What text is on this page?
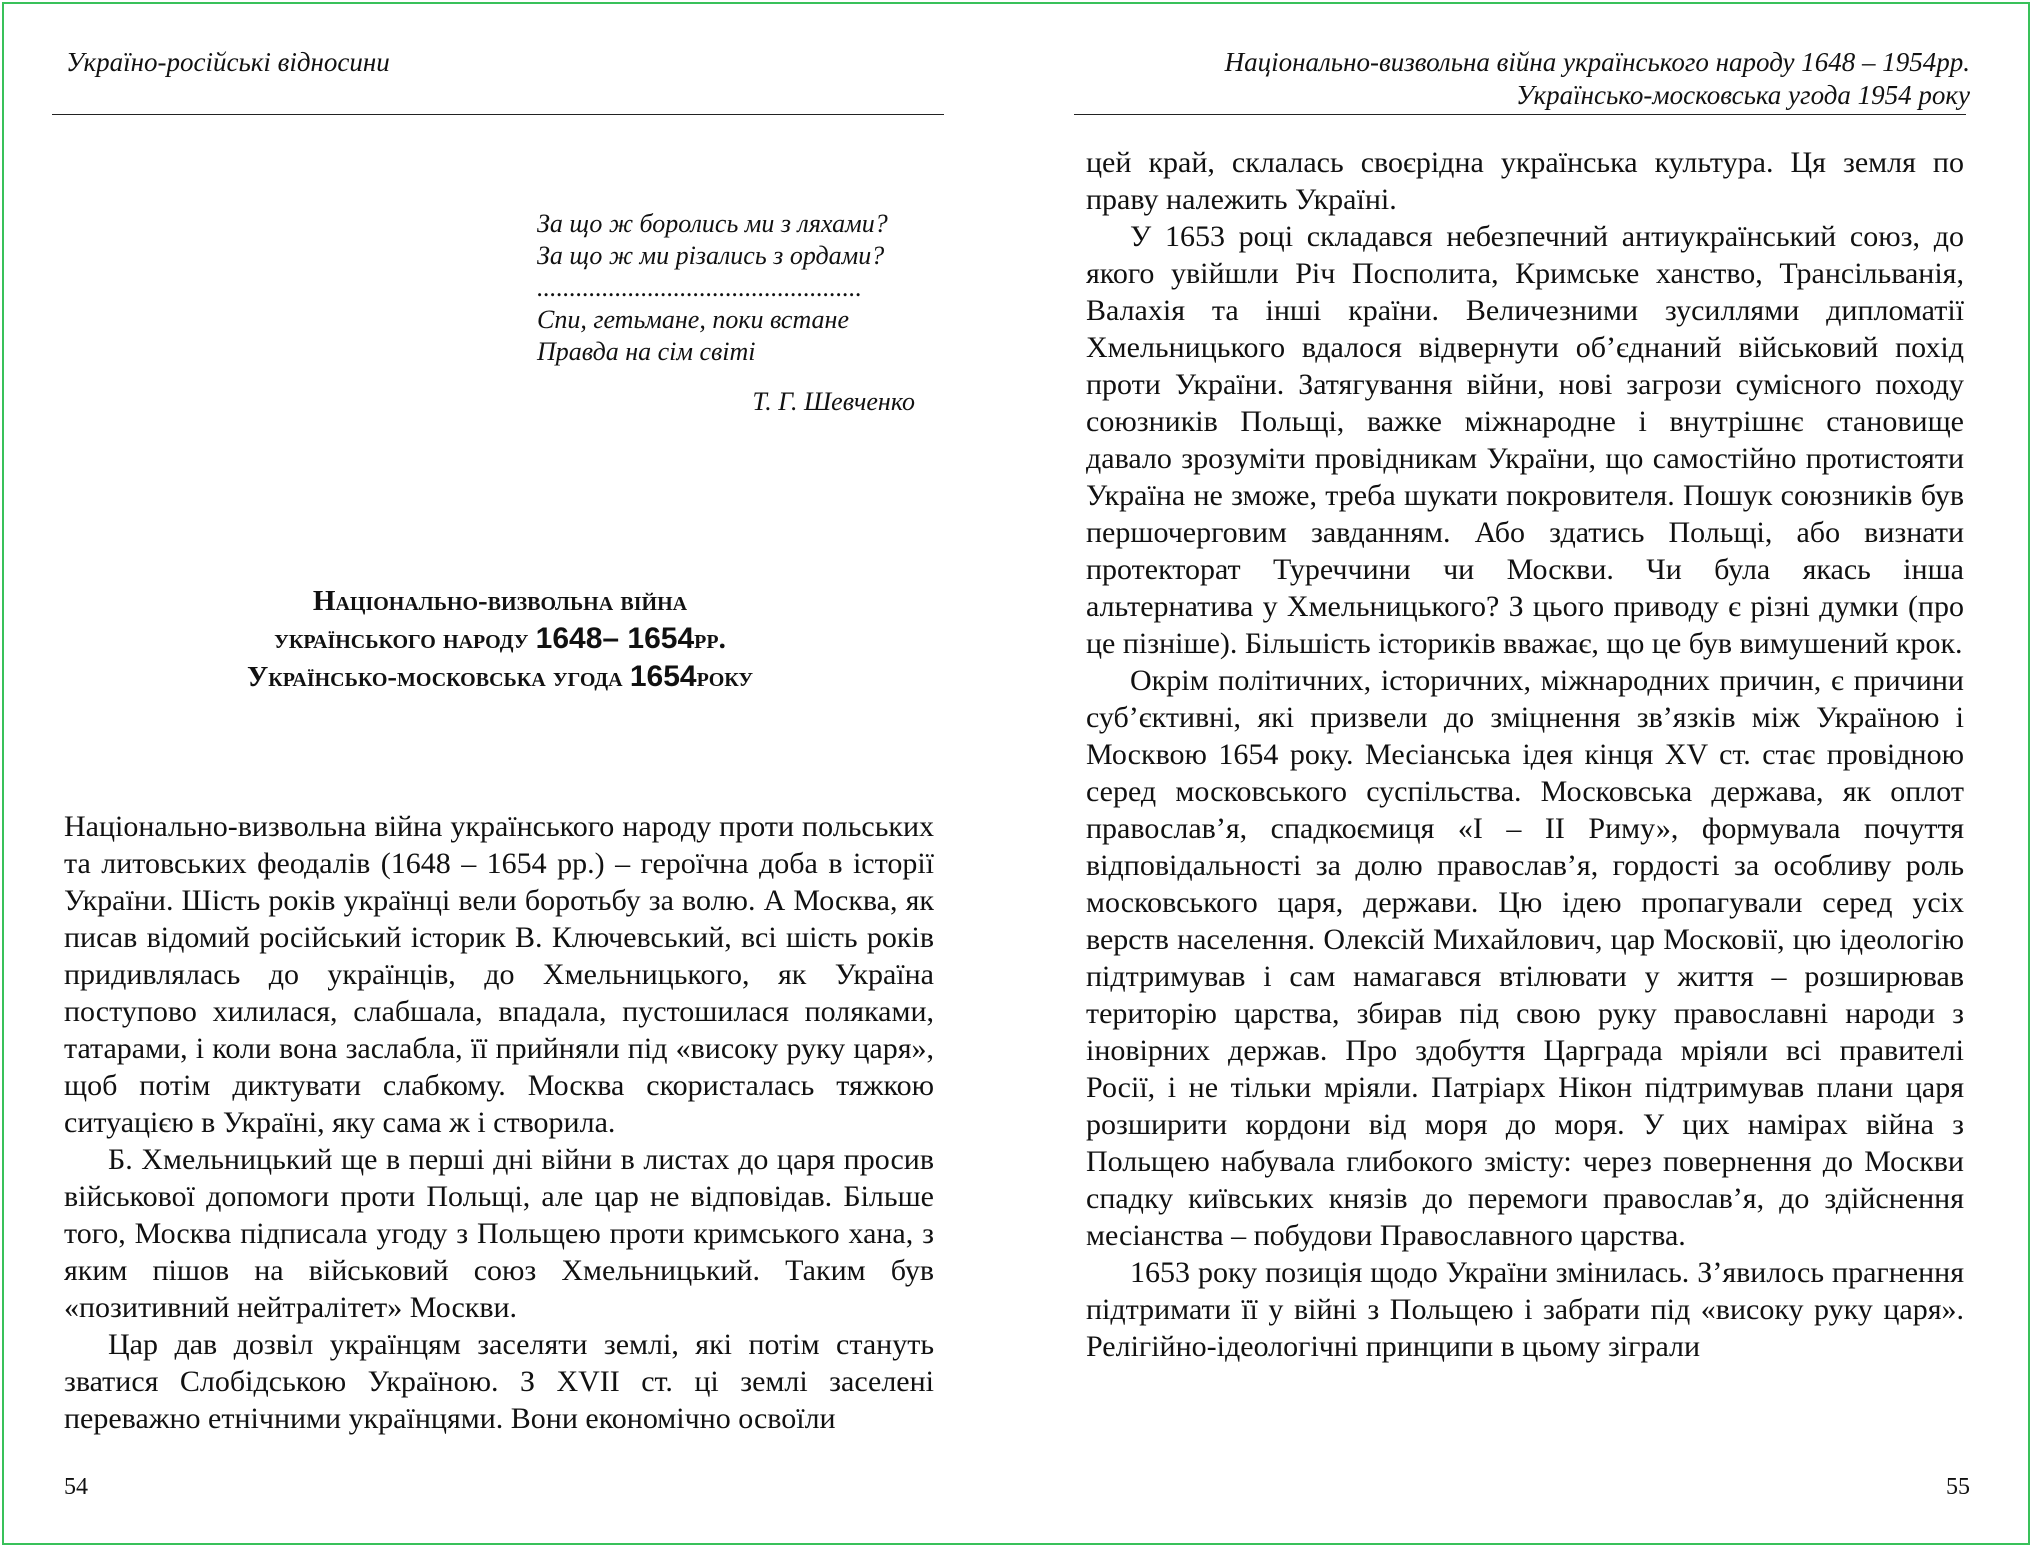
Україно-російські відносини
За що ж боролись ми з ляхами?
За що ж ми різались з ордами?
..................................................
Спи, гетьмане, поки встане
Правда на сім світі
Т. Г. Шевченко
Національно-визвольна війна
українського народу 1648– 1654рр.
Українсько-московська угода 1654року

Національно-визвольна війна українського народу проти польських та литовських феодалів (1648 – 1654 рр.) – героїчна доба в історії України. Шість років українці вели боротьбу за волю. А Москва, як писав відомий російський історик В. Ключевський, всі шість років придивлялась до українців, до Хмельницького, як Україна поступово хилилася, слабшала, впадала, пустошилася поляками, татарами, і коли вона заслабла, її прийняли під «високу руку царя», щоб потім диктувати слабкому. Москва скористалась тяжкою ситуацією в Україні, яку сама ж і створила.

Б. Хмельницький ще в перші дні війни в листах до царя просив військової допомоги проти Польщі, але цар не відповідав. Більше того, Москва підписала угоду з Польщею проти кримського хана, з яким пішов на військовий союз Хмельницький. Таким був «позитивний нейтралітет» Москви.

Цар дав дозвіл українцям заселяти землі, які потім стануть зватися Слобідською Україною. З XVII ст. ці землі заселені переважно етнічними українцями. Вони економічно освоїли

54
Національно-визвольна війна українського народу 1648 – 1954рр.
Українсько-московська угода 1954 року

цей край, склалась своєрідна українська культура. Ця земля по праву належить Україні.

У 1653 році складався небезпечний антиукраїнський союз, до якого увійшли Річ Посполита, Кримське ханство, Трансільванія, Валахія та інші країни. Величезними зусиллями дипломатії Хмельницького вдалося відвернути об’єднаний військовий похід проти України. Затягування війни, нові загрози сумісного походу союзників Польщі, важке міжнародне і внутрішнє становище давало зрозуміти провідникам України, що самостійно протистояти Україна не зможе, треба шукати покровителя. Пошук союзників був першочерговим завданням. Або здатись Польщі, або визнати протекторат Туреччини чи Москви. Чи була якась інша альтернатива у Хмельницького? З цього приводу є різні думки (про це пізніше). Більшість істориків вважає, що це був вимушений крок.

Окрім політичних, історичних, міжнародних причин, є причини суб’єктивні, які призвели до зміцнення зв’язків між Україною і Москвою 1654 року. Месіанська ідея кінця XV ст. стає провідною серед московського суспільства. Московська держава, як оплот православ’я, спадкоємиця «I – II Риму», формувала почуття відповідальності за долю православ’я, гордості за особливу роль московського царя, держави. Цю ідею пропагували серед усіх верств населення. Олексій Михайлович, цар Московії, цю ідеологію підтримував і сам намагався втілювати у життя – розширював територію царства, збирав під свою руку православні народи з іновірних держав. Про здобуття Царграда мріяли всі правителі Росії, і не тільки мріяли. Патріарх Нікон підтримував плани царя розширити кордони від моря до моря. У цих намірах війна з Польщею набувала глибокого змісту: через повернення до Москви спадку київських князів до перемоги православ’я, до здійснення месіанства – побудови Православного царства.

1653 року позиція щодо України змінилась. З’явилось прагнення підтримати її у війні з Польщею і забрати під «високу руку царя». Релігійно-ідеологічні принципи в цьому зіграли

55
